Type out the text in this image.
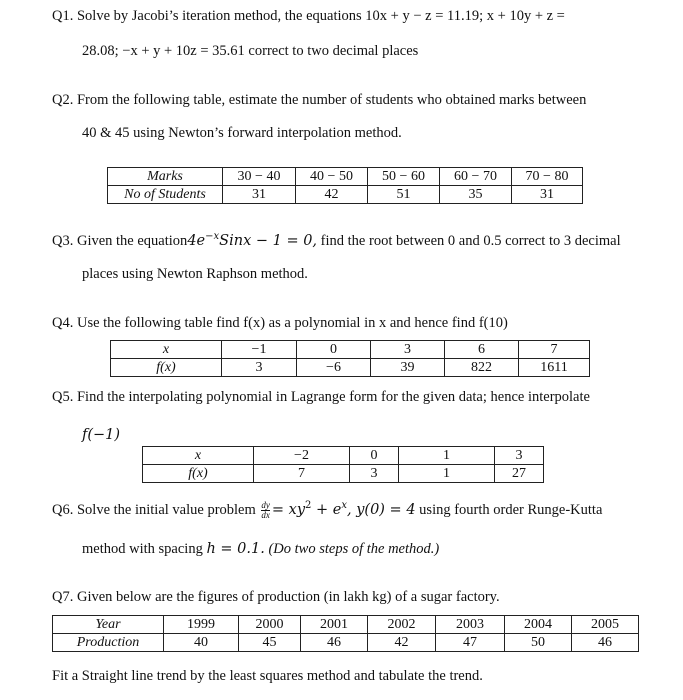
Q1. Solve by Jacobi’s iteration method, the equations 10x + y − z = 11.19; x + 10y + z =
28.08; −x + y + 10z = 35.61 correct to two decimal places
Q2. From the following table, estimate the number of students who obtained marks between
40 & 45 using Newton’s forward interpolation method.
Marks	30 − 40	40 − 50	50 − 60	60 − 70	70 − 80
No of Students	31	42	51	35	31
Q3. Given the $equation4e^{-x}Sinx - 1 = 0$, find the root between 0 and 0.5 correct to 3 decimal
places using Newton Raphson method.
Q4. Use the following table find f(x) as a polynomial in x and hence find f(10)
x	−1	0	3	6	7
f(x)	3	−6	39	822	1611
Q5. Find the interpolating polynomial in Lagrange form for the given data; hence interpolate
f(−1)
x	−2	0	1	3
f(x)	7	3	1	27
Q6. Solve the initial value problem $\frac{dy}{dx} = xy^2 + e^x$, y(0) = 4 using fourth order Runge-Kutta
method with spacing h = 0.1. (Do two steps of the method.)
Q7. Given below are the figures of production (in lakh kg) of a sugar factory.
Year	1999	2000	2001	2002	2003	2004	2005
Production	40	45	46	42	47	50	46
Fit a Straight line trend by the least squares method and tabulate the trend.
